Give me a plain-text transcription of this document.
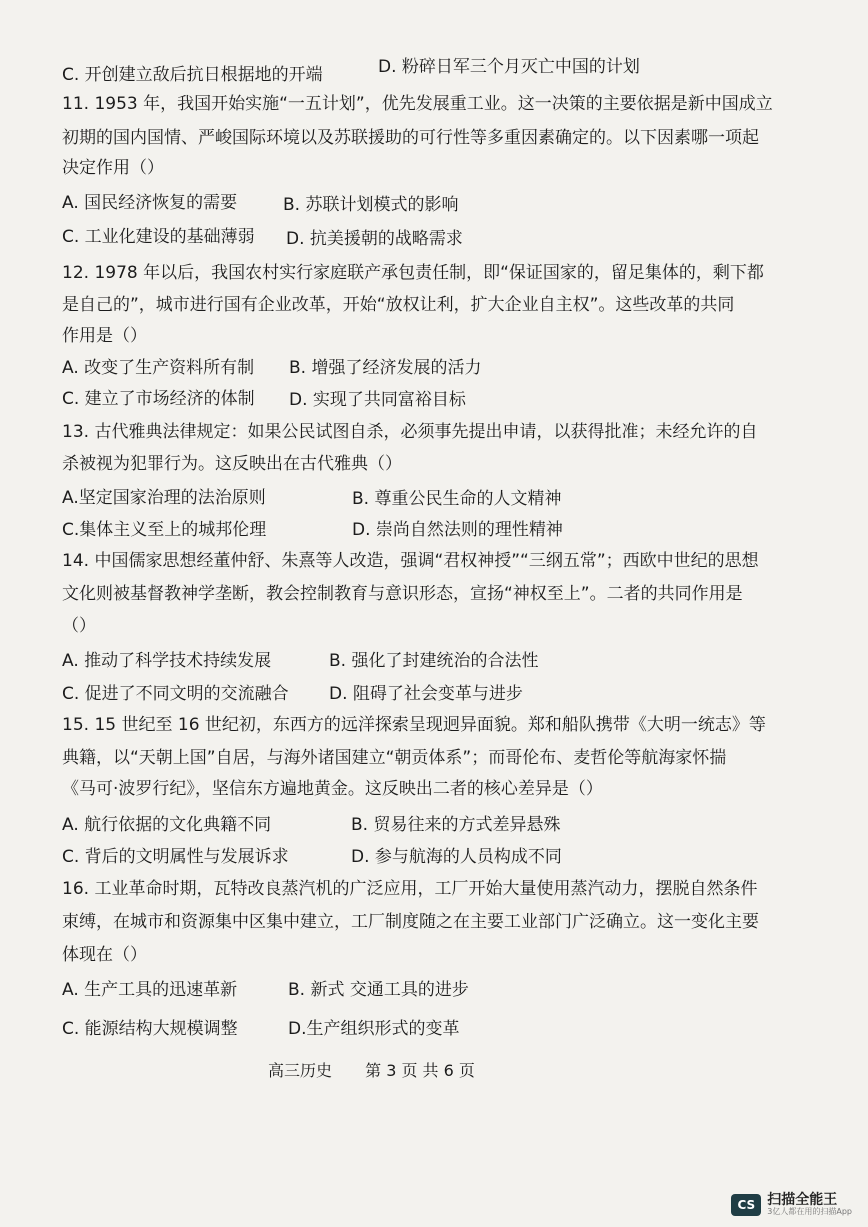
C. 开创建立敌后抗日根据地的开端	D. 粉碎日军三个月灭亡中国的计划
11. 1953 年，我国开始实施“一五计划”，优先发展重工业。这一决策的主要依据是新中国成立
初期的国内国情、严峻国际环境以及苏联援助的可行性等多重因素确定的。以下因素哪一项起
决定作用（）
A. 国民经济恢复的需要	B. 苏联计划模式的影响
C. 工业化建设的基础薄弱 D. 抗美援朝的战略需求
12. 1978 年以后，我国农村实行家庭联产承包责任制，即“保证国家的，留足集体的，剩下都
是自己的”，城市进行国有企业改革，开始“放权让利，扩大企业自主权”。这些改革的共同
作用是（）
A. 改变了生产资料所有制 B. 增强了经济发展的活力
C. 建立了市场经济的体制 D. 实现了共同富裕目标
13. 古代雅典法律规定：如果公民试图自杀，必须事先提出申请，以获得批准；未经允许的自
杀被视为犯罪行为。这反映出在古代雅典（）
A.坚定国家治理的法治原则	B. 尊重公民生命的人文精神
C.集体主义至上的城邦伦理	D. 崇尚自然法则的理性精神
14. 中国儒家思想经董仲舒、朱熹等人改造，强调“君权神授”“三纲五常”；西欧中世纪的思想
文化则被基督教神学垄断，教会控制教育与意识形态，宣扬“神权至上”。二者的共同作用是
（）
A. 推动了科学技术持续发展	B. 强化了封建统治的合法性
C. 促进了不同文明的交流融合 D. 阻碍了社会变革与进步
15. 15 世纪至 16 世纪初，东西方的远洋探索呈现迥异面貌。郑和船队携带《大明一统志》等
典籍，以“天朝上国”自居，与海外诸国建立“朝贡体系”；而哥伦布、麦哲伦等航海家怀揣
《马可·波罗行纪》，坚信东方遍地黄金。这反映出二者的核心差异是（）
A. 航行依据的文化典籍不同	B. 贸易往来的方式差异悬殊
C. 背后的文明属性与发展诉求	D. 参与航海的人员构成不同
16. 工业革命时期，瓦特改良蒸汽机的广泛应用，工厂开始大量使用蒸汽动力，摆脱自然条件
束缚，在城市和资源集中区集中建立，工厂制度随之在主要工业部门广泛确立。这一变化主要
体现在（）
A. 生产工具的迅速革新	B. 新式 交通工具的进步
C. 能源结构大规模调整	D.生产组织形式的变革
高三历史 第 3 页 共 6 页
CS 扫描全能王
3亿人都在用的扫描App
